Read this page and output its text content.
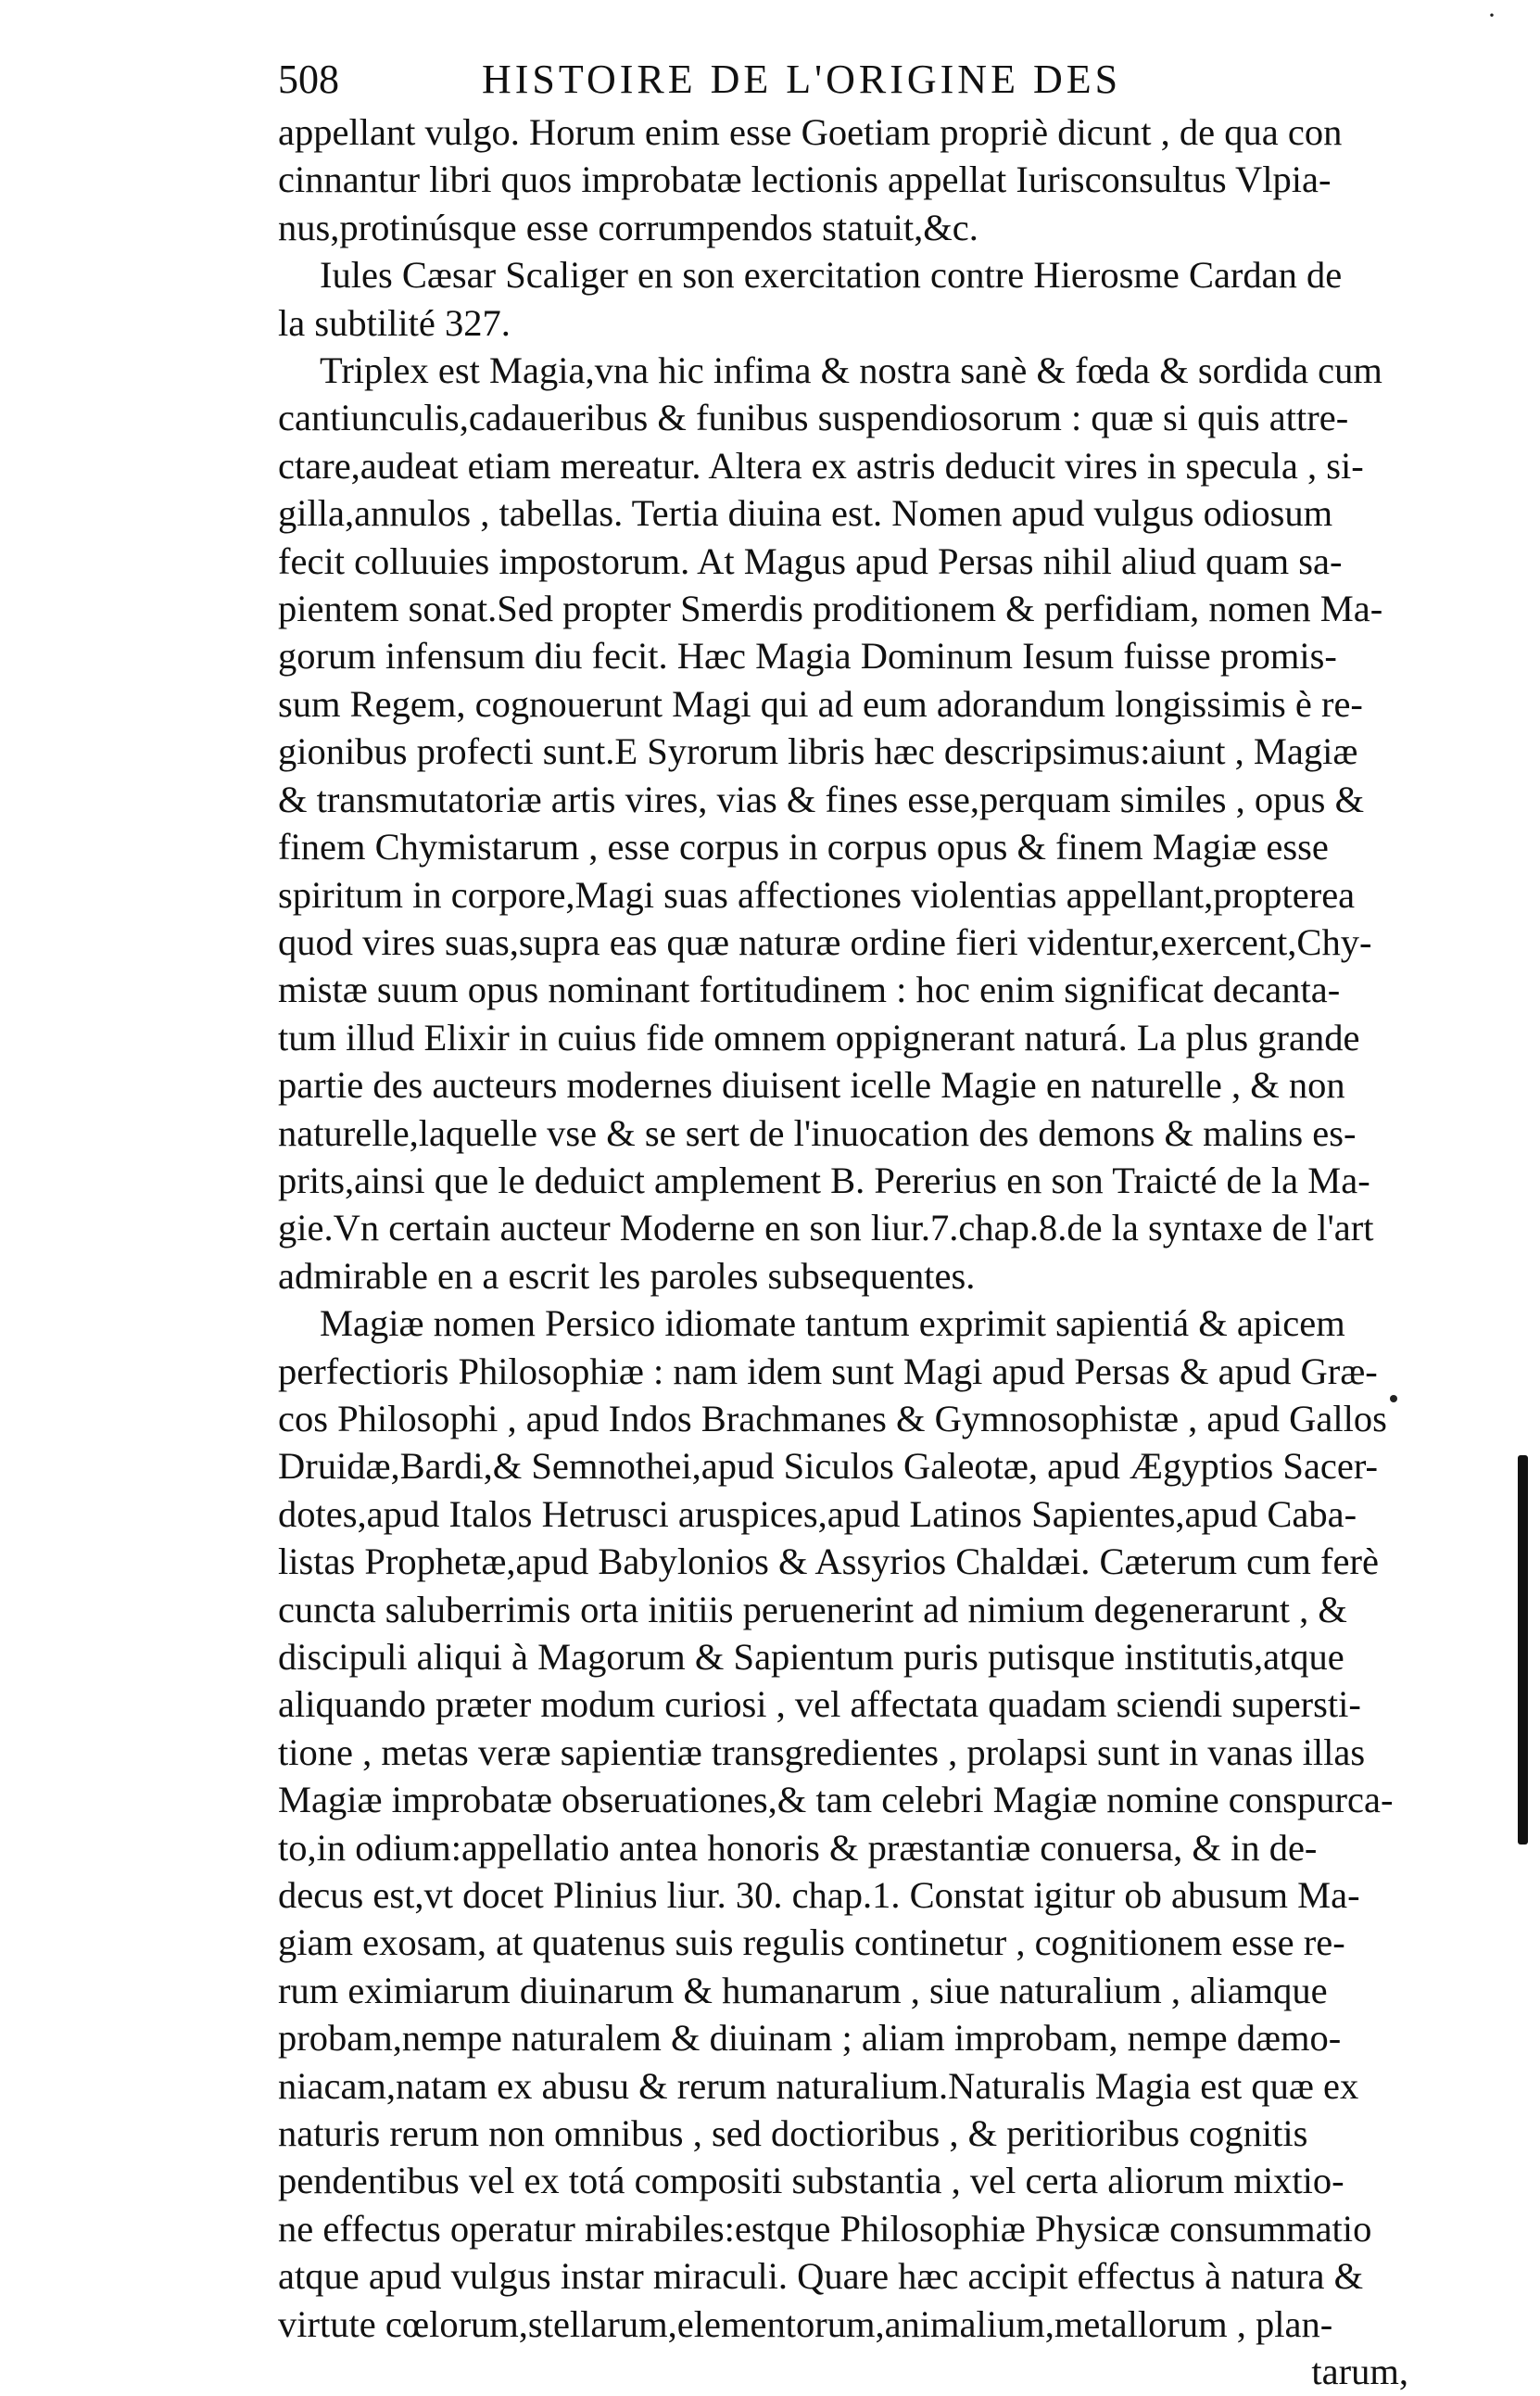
·
508	HISTOIRE DE L'ORIGINE DES
appellant vulgo. Horum enim esse Goetiam propriè dicunt , de qua con
cinnantur libri quos improbatæ lectionis appellat Iurisconsultus Vlpia-
nus,protinúsque esse corrumpendos statuit,&c.
Iules Cæsar Scaliger en son exercitation contre Hierosme Cardan de
la subtilité 327.
Triplex est Magia,vna hic infima & nostra sanè & fœda & sordida cum
cantiunculis,cadaueribus & funibus suspendiosorum : quæ si quis attre-
ctare,audeat etiam mereatur. Altera ex astris deducit vires in specula , si-
gilla,annulos , tabellas. Tertia diuina est. Nomen apud vulgus odiosum
fecit colluuies impostorum. At Magus apud Persas nihil aliud quam sa-
pientem sonat.Sed propter Smerdis proditionem & perfidiam, nomen Ma-
gorum infensum diu fecit. Hæc Magia Dominum Iesum fuisse promis-
sum Regem, cognouerunt Magi qui ad eum adorandum longissimis è re-
gionibus profecti sunt.E Syrorum libris hæc descripsimus:aiunt , Magiæ
& transmutatoriæ artis vires, vias & fines esse,perquam similes , opus &
finem Chymistarum , esse corpus in corpus opus & finem Magiæ esse
spiritum in corpore,Magi suas affectiones violentias appellant,propterea
quod vires suas,supra eas quæ naturæ ordine fieri videntur,exercent,Chy-
mistæ suum opus nominant fortitudinem : hoc enim significat decanta-
tum illud Elixir in cuius fide omnem oppignerant naturá. La plus grande
partie des aucteurs modernes diuisent icelle Magie en naturelle , & non
naturelle,laquelle vse & se sert de l'inuocation des demons & malins es-
prits,ainsi que le deduict amplement B. Pererius en son Traicté de la Ma-
gie.Vn certain aucteur Moderne en son liur.7.chap.8.de la syntaxe de l'art
admirable en a escrit les paroles subsequentes.
Magiæ nomen Persico idiomate tantum exprimit sapientiá & apicem
perfectioris Philosophiæ : nam idem sunt Magi apud Persas & apud Græ-
cos Philosophi , apud Indos Brachmanes & Gymnosophistæ , apud Gallos
Druidæ,Bardi,& Semnothei,apud Siculos Galeotæ, apud Ægyptios Sacer-
dotes,apud Italos Hetrusci aruspices,apud Latinos Sapientes,apud Caba-
listas Prophetæ,apud Babylonios & Assyrios Chaldæi. Cæterum cum ferè
cuncta saluberrimis orta initiis peruenerint ad nimium degenerarunt , &
discipuli aliqui à Magorum & Sapientum puris putisque institutis,atque
aliquando præter modum curiosi , vel affectata quadam sciendi supersti-
tione , metas veræ sapientiæ transgredientes , prolapsi sunt in vanas illas
Magiæ improbatæ obseruationes,& tam celebri Magiæ nomine conspurca-
to,in odium:appellatio antea honoris & præstantiæ conuersa, & in de-
decus est,vt docet Plinius liur. 30. chap.1. Constat igitur ob abusum Ma-
giam exosam, at quatenus suis regulis continetur , cognitionem esse re-
rum eximiarum diuinarum & humanarum , siue naturalium , aliamque
probam,nempe naturalem & diuinam ; aliam improbam, nempe dæmo-
niacam,natam ex abusu & rerum naturalium.Naturalis Magia est quæ ex
naturis rerum non omnibus , sed doctioribus , & peritioribus cognitis
pendentibus vel ex totá compositi substantia , vel certa aliorum mixtio-
ne effectus operatur mirabiles:estque Philosophiæ Physicæ consummatio
atque apud vulgus instar miraculi. Quare hæc accipit effectus à natura &
virtute cœlorum,stellarum,elementorum,animalium,metallorum , plan-
tarum,
